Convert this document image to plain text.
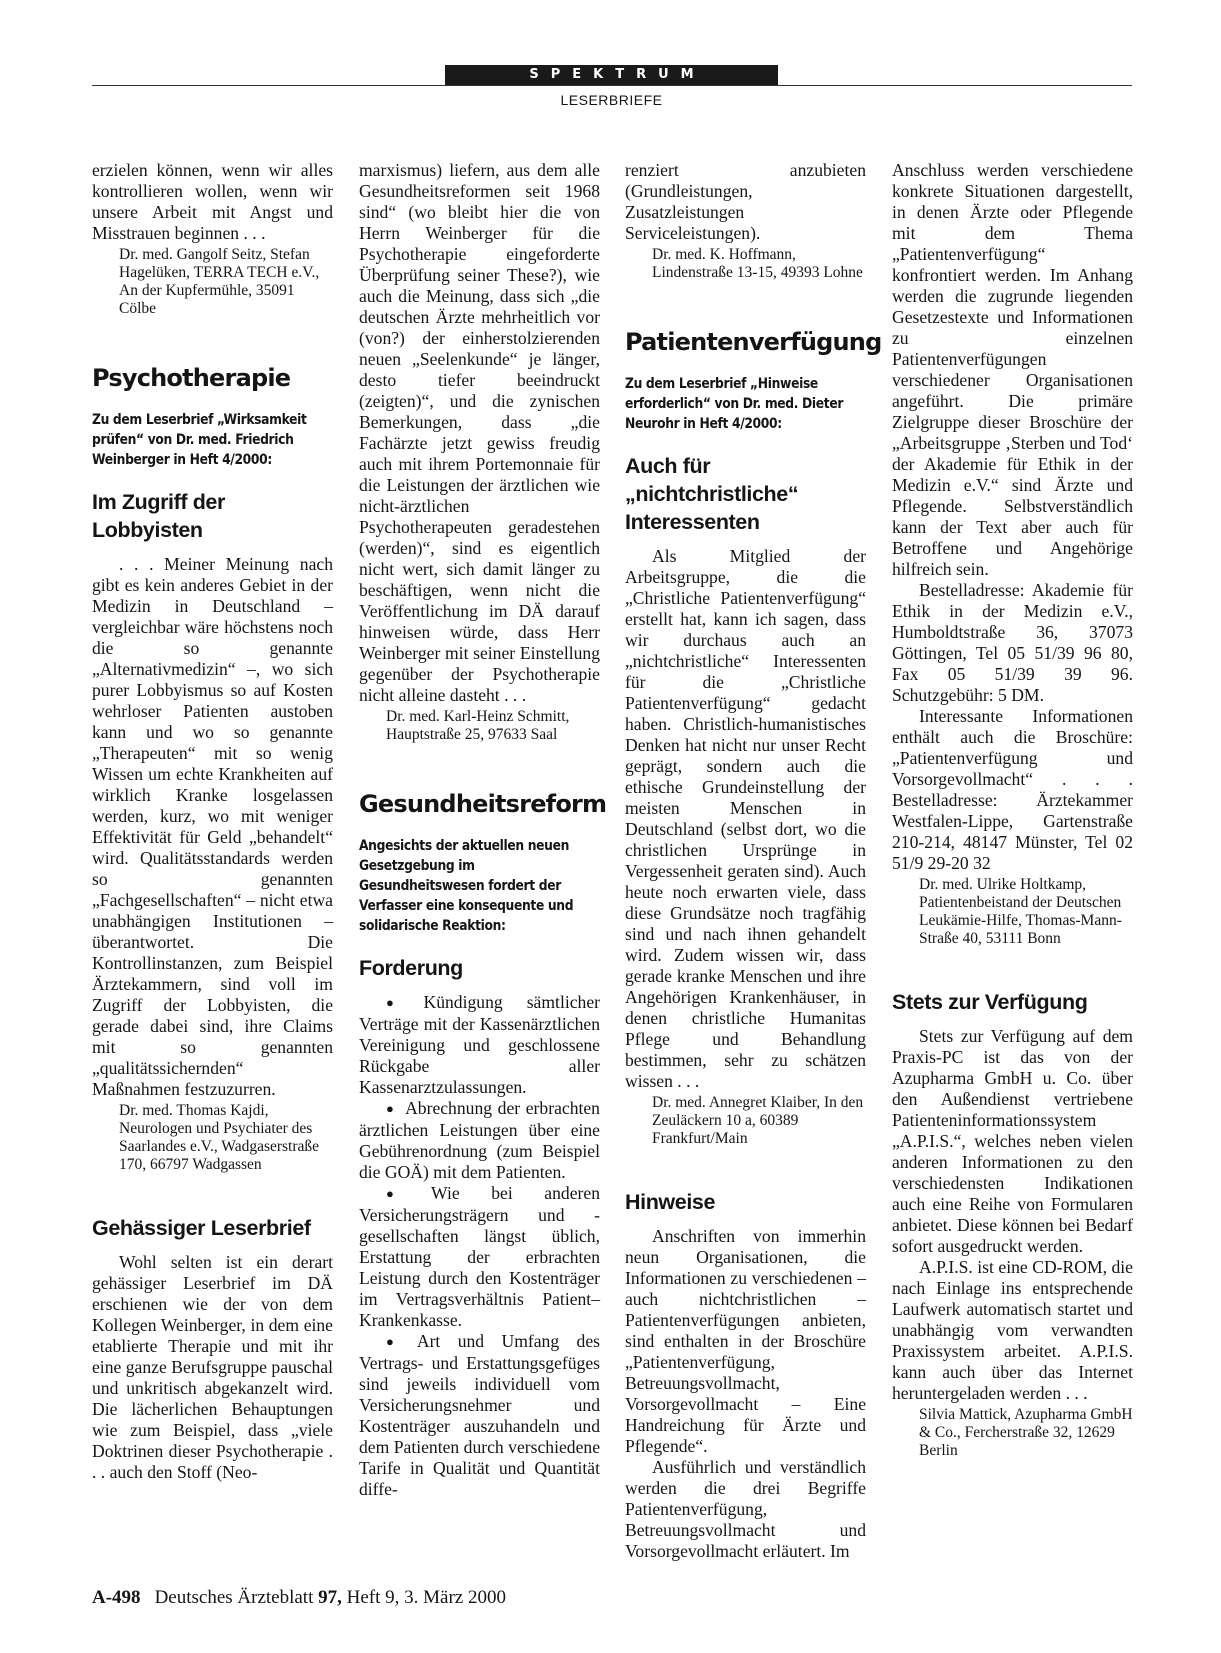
SPEKTRUM
LESERBRIEFE

erzielen können, wenn wir alles kontrollieren wollen, wenn wir unsere Arbeit mit Angst und Misstrauen beginnen . . .

Dr. med. Gangolf Seitz, Stefan Hagelüken, TERRA TECH e.V., An der Kupfermühle, 35091 Cölbe

Psychotherapie
Zu dem Leserbrief „Wirksamkeit prüfen“ von Dr. med. Friedrich Weinberger in Heft 4/2000:
Im Zugriff der Lobbyisten

. . . Meiner Meinung nach gibt es kein anderes Gebiet in der Medizin in Deutschland – vergleichbar wäre höchstens noch die so genannte „Alternativmedizin“ –, wo sich purer Lobbyismus so auf Kosten wehrloser Patienten austoben kann und wo so genannte „Therapeuten“ mit so wenig Wissen um echte Krankheiten auf wirklich Kranke losgelassen werden, kurz, wo mit weniger Effektivität für Geld „behandelt“ wird. Qualitätsstandards werden so genannten „Fachgesellschaften“ – nicht etwa unabhängigen Institutionen – überantwortet. Die Kontrollinstanzen, zum Beispiel Ärztekammern, sind voll im Zugriff der Lobbyisten, die gerade dabei sind, ihre Claims mit so genannten „qualitätssichernden“ Maßnahmen festzuzurren.

Dr. med. Thomas Kajdi, Neurologen und Psychiater des Saarlandes e.V., Wadgaserstraße 170, 66797 Wadgassen

Gehässiger Leserbrief

Wohl selten ist ein derart gehässiger Leserbrief im DÄ erschienen wie der von dem Kollegen Weinberger, in dem eine etablierte Therapie und mit ihr eine ganze Berufsgruppe pauschal und unkritisch abgekanzelt wird. Die lächerlichen Behauptungen wie zum Beispiel, dass „viele Doktrinen dieser Psychotherapie . . . auch den Stoff (Neo-

marxismus) liefern, aus dem alle Gesundheitsreformen seit 1968 sind“ (wo bleibt hier die von Herrn Weinberger für die Psychotherapie eingeforderte Überprüfung seiner These?), wie auch die Meinung, dass sich „die deutschen Ärzte mehrheitlich vor (von?) der einherstolzierenden neuen „Seelenkunde“ je länger, desto tiefer beeindruckt (zeigten)“, und die zynischen Bemerkungen, dass „die Fachärzte jetzt gewiss freudig auch mit ihrem Portemonnaie für die Leistungen der ärztlichen wie nicht-ärztlichen Psychotherapeuten geradestehen (werden)“, sind es eigentlich nicht wert, sich damit länger zu beschäftigen, wenn nicht die Veröffentlichung im DÄ darauf hinweisen würde, dass Herr Weinberger mit seiner Einstellung gegenüber der Psychotherapie nicht alleine dasteht . . .

Dr. med. Karl-Heinz Schmitt, Hauptstraße 25, 97633 Saal

Gesundheitsreform
Angesichts der aktuellen neuen Gesetzgebung im Gesundheitswesen fordert der Verfasser eine konsequente und solidarische Reaktion:
Forderung

● Kündigung sämtlicher Verträge mit der Kassenärztlichen Vereinigung und geschlossene Rückgabe aller Kassenarztzulassungen.

● Abrechnung der erbrachten ärztlichen Leistungen über eine Gebührenordnung (zum Beispiel die GOÄ) mit dem Patienten.

● Wie bei anderen Versicherungsträgern und -gesellschaften längst üblich, Erstattung der erbrachten Leistung durch den Kostenträger im Vertragsverhältnis Patient–Krankenkasse.

● Art und Umfang des Vertrags- und Erstattungsgefüges sind jeweils individuell vom Versicherungsnehmer und Kostenträger auszuhandeln und dem Patienten durch verschiedene Tarife in Qualität und Quantität diffe-

renziert anzubieten (Grundleistungen, Zusatzleistungen Serviceleistungen).

Dr. med. K. Hoffmann, Lindenstraße 13-15, 49393 Lohne

Patientenverfügung
Zu dem Leserbrief „Hinweise erforderlich“ von Dr. med. Dieter Neurohr in Heft 4/2000:
Auch für „nichtchristliche“ Interessenten

Als Mitglied der Arbeitsgruppe, die die „Christliche Patientenverfügung“ erstellt hat, kann ich sagen, dass wir durchaus auch an „nichtchristliche“ Interessenten für die „Christliche Patientenverfügung“ gedacht haben. Christlich-humanistisches Denken hat nicht nur unser Recht geprägt, sondern auch die ethische Grundeinstellung der meisten Menschen in Deutschland (selbst dort, wo die christlichen Ursprünge in Vergessenheit geraten sind). Auch heute noch erwarten viele, dass diese Grundsätze noch tragfähig sind und nach ihnen gehandelt wird. Zudem wissen wir, dass gerade kranke Menschen und ihre Angehörigen Krankenhäuser, in denen christliche Humanitas Pflege und Behandlung bestimmen, sehr zu schätzen wissen . . .

Dr. med. Annegret Klaiber, In den Zeuläckern 10 a, 60389 Frankfurt/Main

Hinweise

Anschriften von immerhin neun Organisationen, die Informationen zu verschiedenen – auch nichtchristlichen – Patientenverfügungen anbieten, sind enthalten in der Broschüre „Patientenverfügung, Betreuungsvollmacht, Vorsorgevollmacht – Eine Handreichung für Ärzte und Pflegende“.

Ausführlich und verständlich werden die drei Begriffe Patientenverfügung, Betreuungsvollmacht und Vorsorgevollmacht erläutert. Im

Anschluss werden verschiedene konkrete Situationen dargestellt, in denen Ärzte oder Pflegende mit dem Thema „Patientenverfügung“ konfrontiert werden. Im Anhang werden die zugrunde liegenden Gesetzestexte und Informationen zu einzelnen Patientenverfügungen verschiedener Organisationen angeführt. Die primäre Zielgruppe dieser Broschüre der „Arbeitsgruppe ‚Sterben und Tod‘ der Akademie für Ethik in der Medizin e.V.“ sind Ärzte und Pflegende. Selbstverständlich kann der Text aber auch für Betroffene und Angehörige hilfreich sein.

Bestelladresse: Akademie für Ethik in der Medizin e.V., Humboldtstraße 36, 37073 Göttingen, Tel 05 51/39 96 80, Fax 05 51/39 39 96. Schutzgebühr: 5 DM.

Interessante Informationen enthält auch die Broschüre: „Patientenverfügung und Vorsorgevollmacht“ . . . Bestelladresse: Ärztekammer Westfalen-Lippe, Gartenstraße 210-214, 48147 Münster, Tel 02 51/9 29-20 32

Dr. med. Ulrike Holtkamp, Patientenbeistand der Deutschen Leukämie-Hilfe, Thomas-Mann-Straße 40, 53111 Bonn

Stets zur Verfügung

Stets zur Verfügung auf dem Praxis-PC ist das von der Azupharma GmbH u. Co. über den Außendienst vertriebene Patienteninformationssystem „A.P.I.S.“, welches neben vielen anderen Informationen zu den verschiedensten Indikationen auch eine Reihe von Formularen anbietet. Diese können bei Bedarf sofort ausgedruckt werden.

A.P.I.S. ist eine CD-ROM, die nach Einlage ins entsprechende Laufwerk automatisch startet und unabhängig vom verwandten Praxissystem arbeitet. A.P.I.S. kann auch über das Internet heruntergeladen werden . . .

Silvia Mattick, Azupharma GmbH & Co., Fercherstraße 32, 12629 Berlin

A-498 Deutsches Ärzteblatt 97, Heft 9, 3. März 2000
